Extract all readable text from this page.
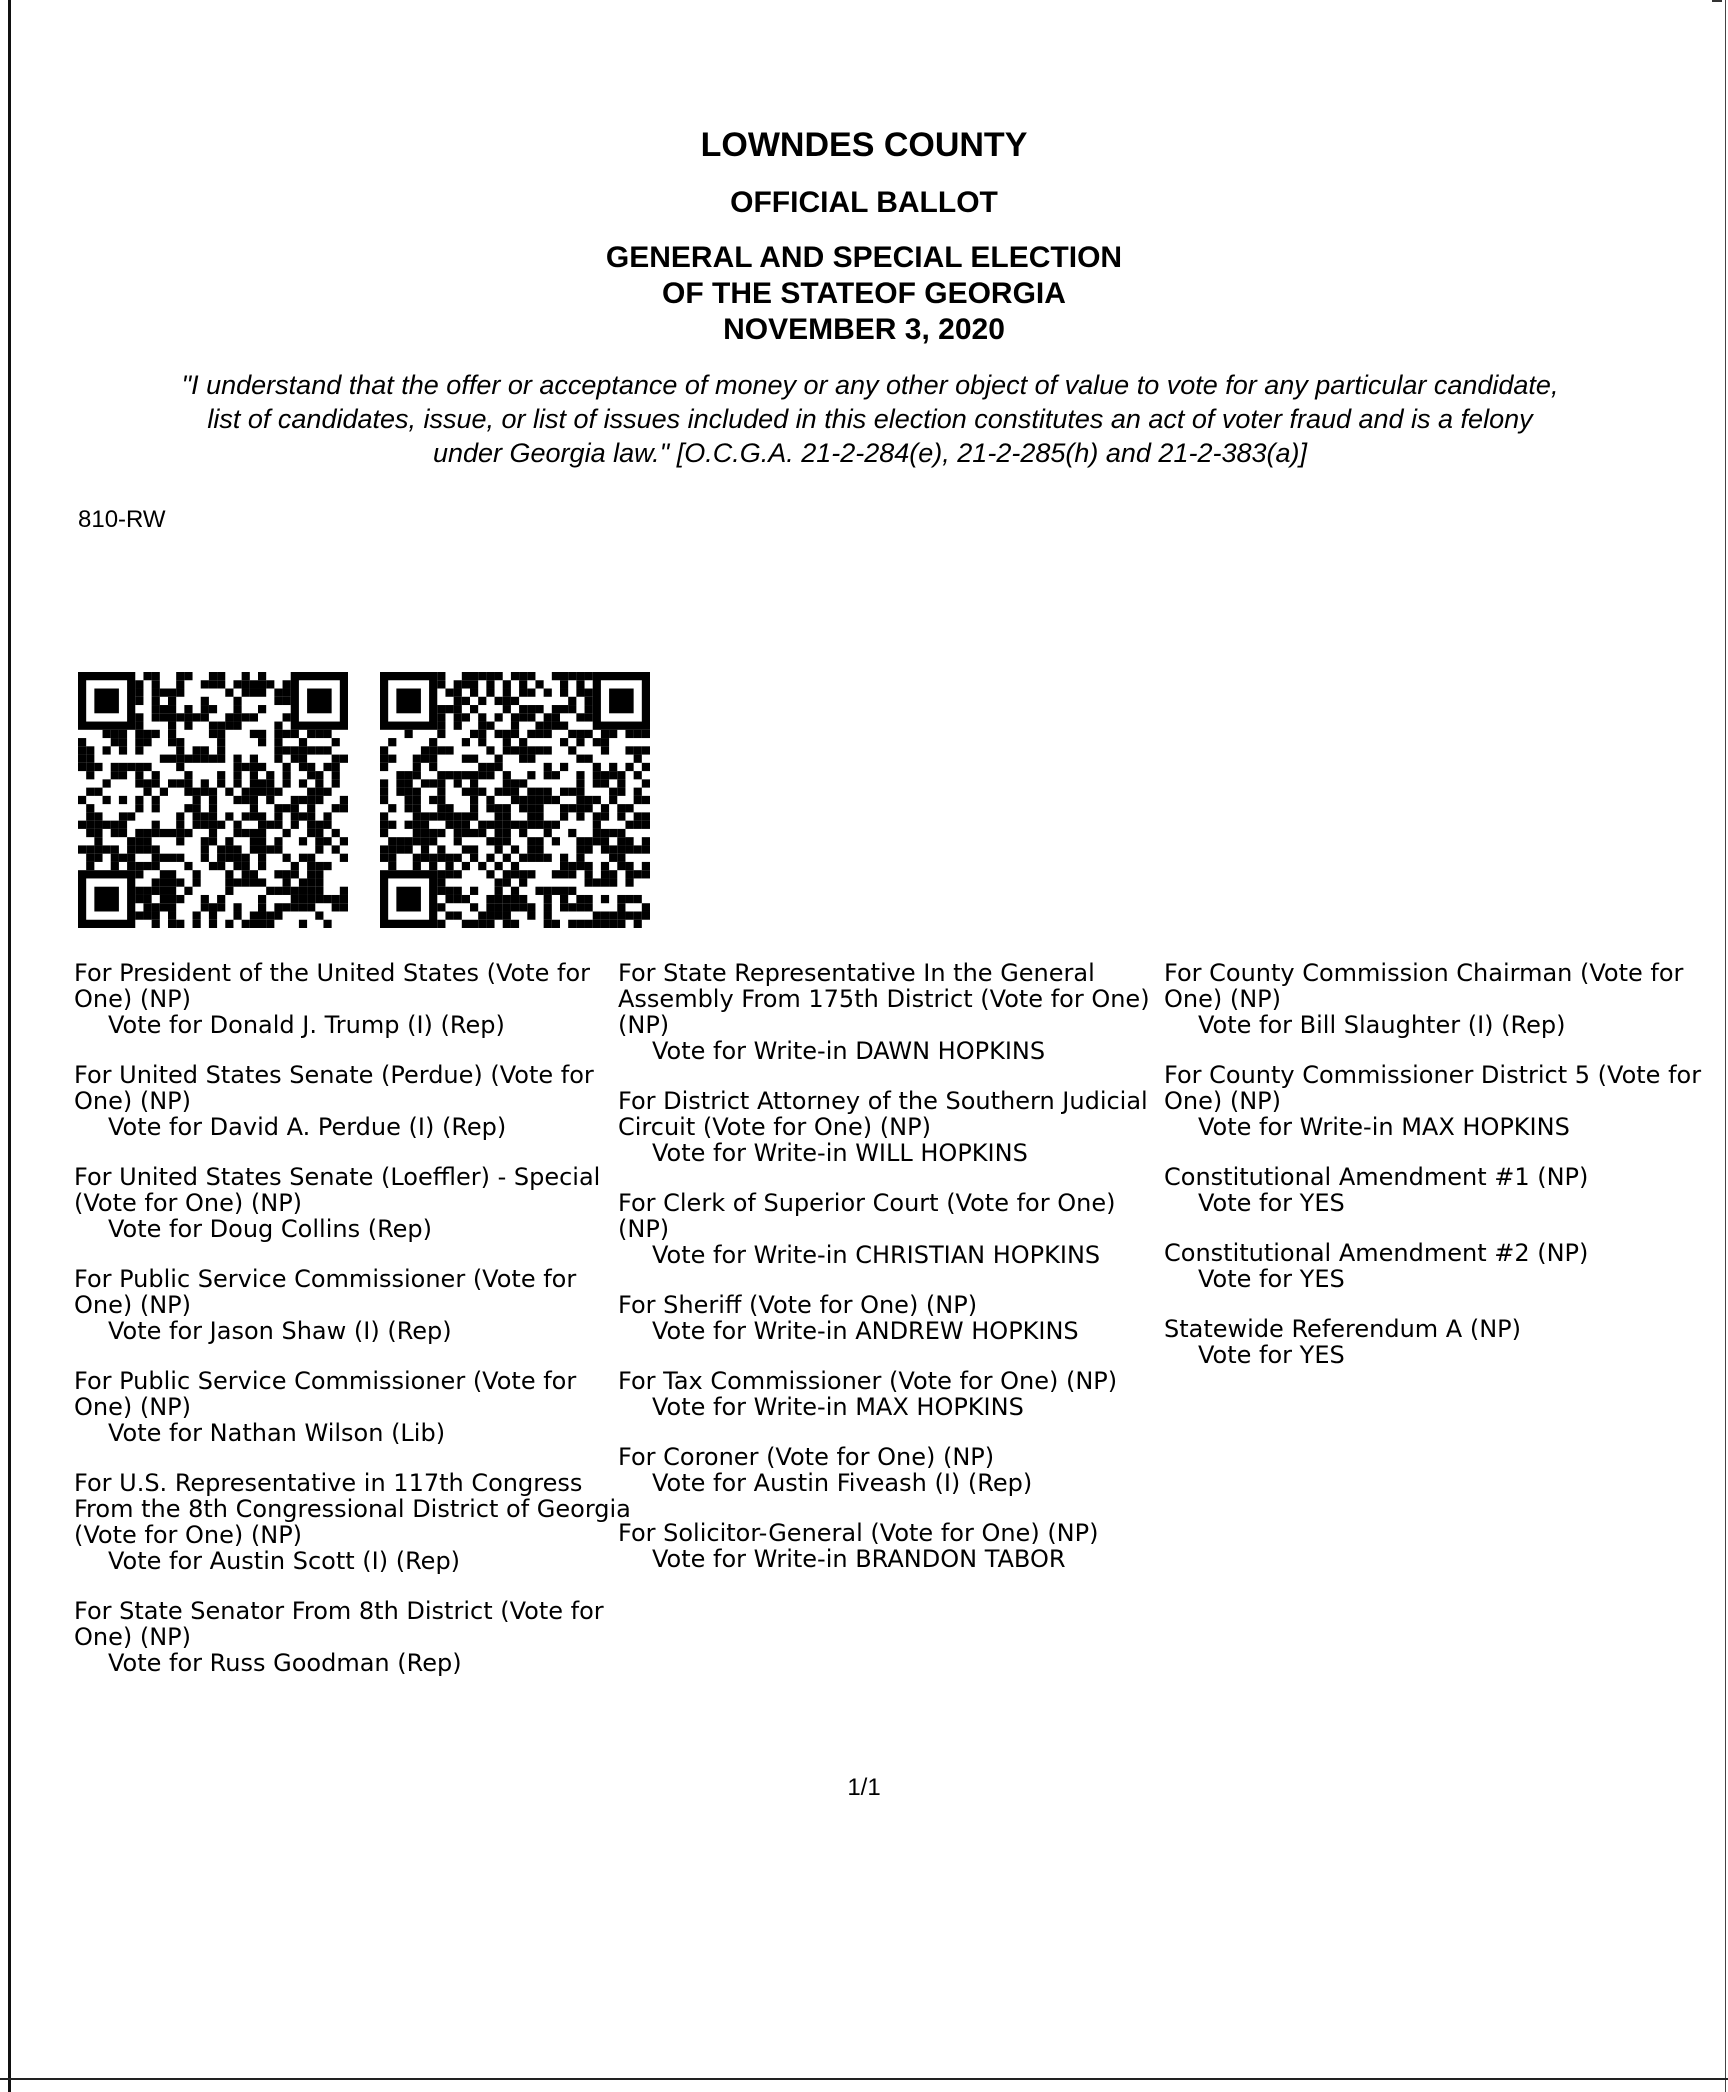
LOWNDES COUNTY
OFFICIAL BALLOT
GENERAL AND SPECIAL ELECTION
OF THE STATEOF GEORGIA
NOVEMBER 3, 2020
"I understand that the offer or acceptance of money or any other object of value to vote for any particular candidate,
list of candidates, issue, or list of issues included in this election constitutes an act of voter fraud and is a felony
under Georgia law." [O.C.G.A. 21-2-284(e), 21-2-285(h) and 21-2-383(a)]
810-RW
For President of the United States (Vote for One) (NP)
Vote for Donald J. Trump (I) (Rep)
For United States Senate (Perdue) (Vote for One) (NP)
Vote for David A. Perdue (I) (Rep)
For United States Senate (Loeffler) - Special (Vote for One) (NP)
Vote for Doug Collins (Rep)
For Public Service Commissioner (Vote for One) (NP)
Vote for Jason Shaw (I) (Rep)
For Public Service Commissioner (Vote for One) (NP)
Vote for Nathan Wilson (Lib)
For U.S. Representative in 117th Congress From the 8th Congressional District of Georgia (Vote for One) (NP)
Vote for Austin Scott (I) (Rep)
For State Senator From 8th District (Vote for One) (NP)
Vote for Russ Goodman (Rep)
For State Representative In the General Assembly From 175th District (Vote for One) (NP)
Vote for Write-in DAWN HOPKINS
For District Attorney of the Southern Judicial Circuit (Vote for One) (NP)
Vote for Write-in WILL HOPKINS
For Clerk of Superior Court (Vote for One) (NP)
Vote for Write-in CHRISTIAN HOPKINS
For Sheriff (Vote for One) (NP)
Vote for Write-in ANDREW HOPKINS
For Tax Commissioner (Vote for One) (NP)
Vote for Write-in MAX HOPKINS
For Coroner (Vote for One) (NP)
Vote for Austin Fiveash (I) (Rep)
For Solicitor-General (Vote for One) (NP)
Vote for Write-in BRANDON TABOR
For County Commission Chairman (Vote for One) (NP)
Vote for Bill Slaughter (I) (Rep)
For County Commissioner District 5 (Vote for One) (NP)
Vote for Write-in MAX HOPKINS
Constitutional Amendment #1 (NP)
Vote for YES
Constitutional Amendment #2 (NP)
Vote for YES
Statewide Referendum A (NP)
Vote for YES
1/1
